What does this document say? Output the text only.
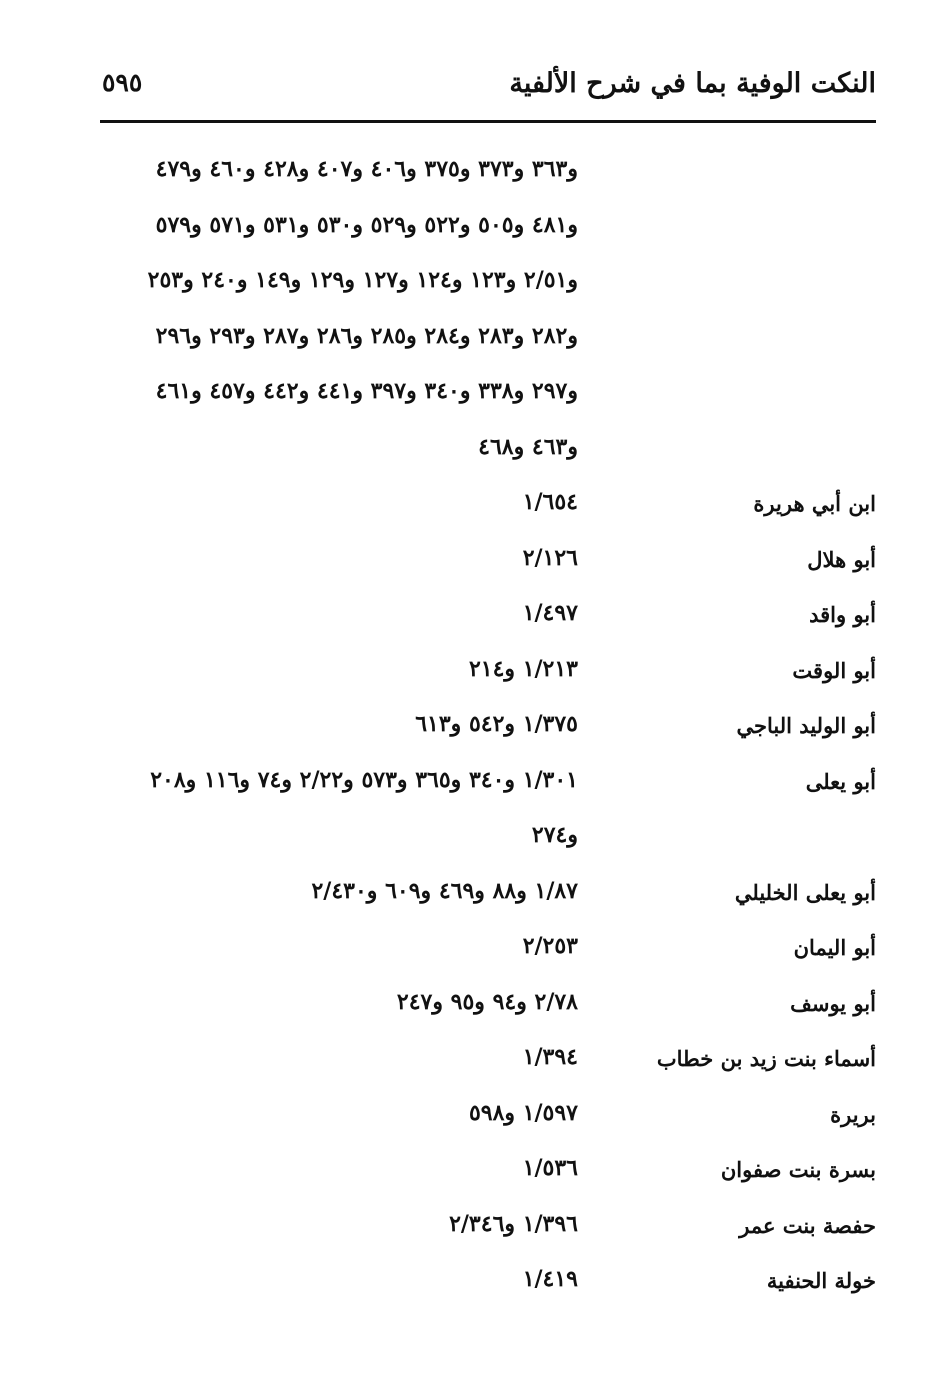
النكت الوفية بما في شرح الألفية
٥٩٥
و٣٦٣ و٣٧٣ و٣٧٥ و٤٠٦ و٤٠٧ و٤٢٨ و٤٦٠ و٤٧٩
و٤٨١ و٥٠٥ و٥٢٢ و٥٢٩ و٥٣٠ و٥٣١ و٥٧١ و٥٧٩
و٢/٥١ و١٢٣ و١٢٤ و١٢٧ و١٢٩ و١٤٩ و٢٤٠ و٢٥٣
و٢٨٢ و٢٨٣ و٢٨٤ و٢٨٥ و٢٨٦ و٢٨٧ و٢٩٣ و٢٩٦
و٢٩٧ و٣٣٨ و٣٤٠ و٣٩٧ و٤٤١ و٤٤٢ و٤٥٧ و٤٦١
و٤٦٣ و٤٦٨
ابن أبي هريرة
١/٦٥٤
أبو هلال
٢/١٢٦
أبو واقد
١/٤٩٧
أبو الوقت
١/٢١٣ و٢١٤
أبو الوليد الباجي
١/٣٧٥ و٥٤٢ و٦١٣
أبو يعلى
١/٣٠١ و٣٤٠ و٣٦٥ و٥٧٣ و٢/٢٢ و٧٤ و١١٦ و٢٠٨
و٢٧٤
أبو يعلى الخليلي
١/٨٧ و٨٨ و٤٦٩ و٦٠٩ و٢/٤٣٠
أبو اليمان
٢/٢٥٣
أبو يوسف
٢/٧٨ و٩٤ و٩٥ و٢٤٧
أسماء بنت زيد بن خطاب
١/٣٩٤
بريرة
١/٥٩٧ و٥٩٨
بسرة بنت صفوان
١/٥٣٦
حفصة بنت عمر
١/٣٩٦ و٢/٣٤٦
خولة الحنفية
١/٤١٩
